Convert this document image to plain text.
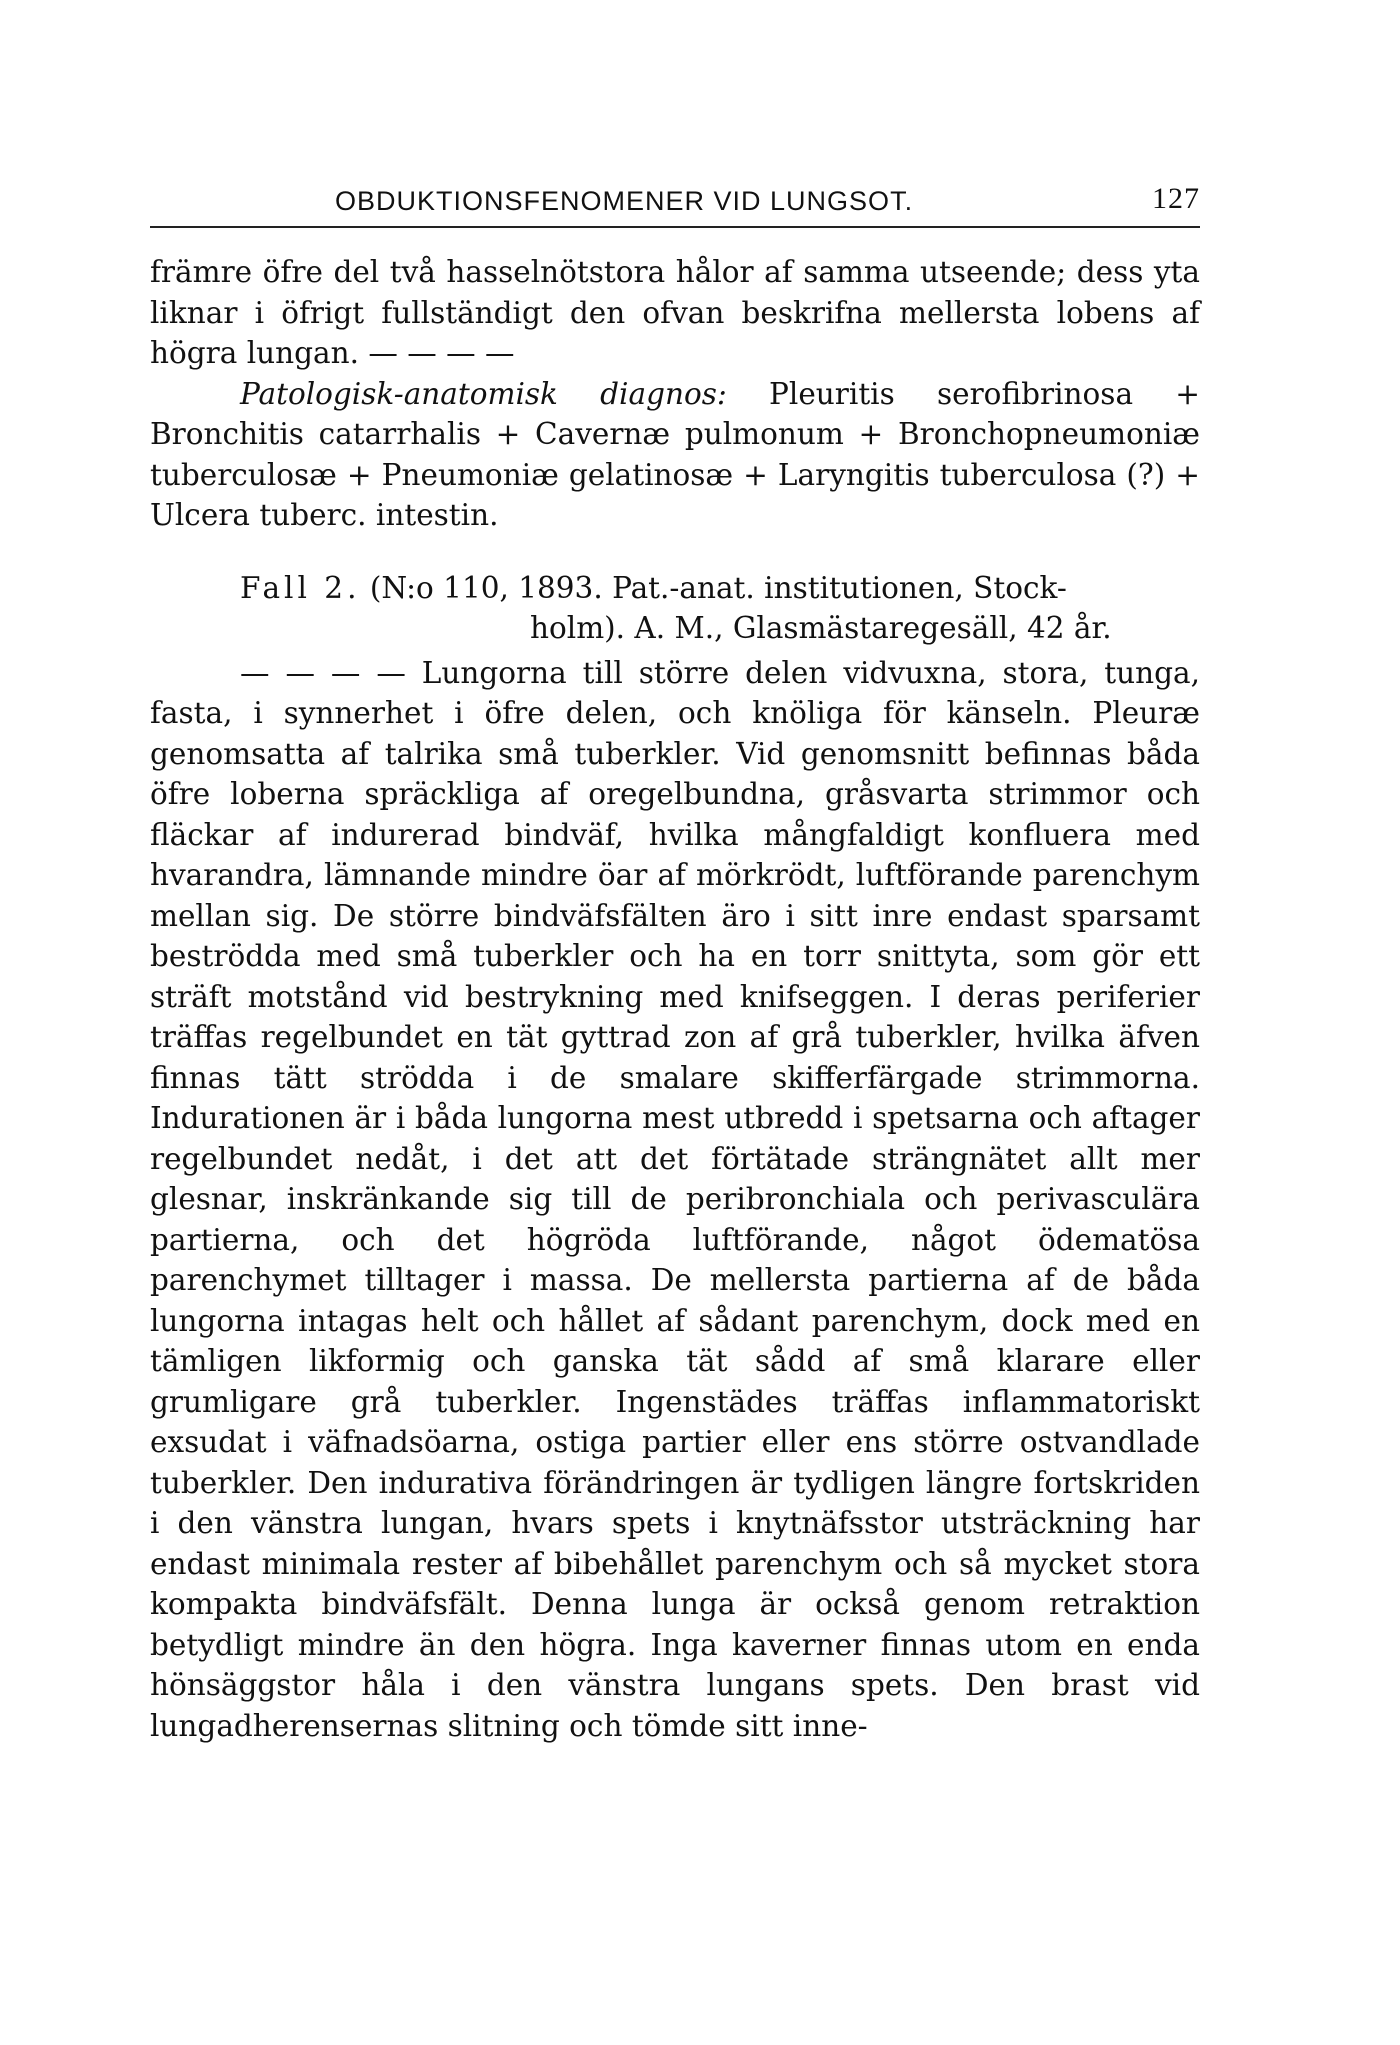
OBDUKTIONSFENOMENER VID LUNGSOT.	127

främre öfre del två hasselnötstora hålor af samma utseende; dess yta liknar i öfrigt fullständigt den ofvan beskrifna mellersta lobens af högra lungan. — — — —

Patologisk-anatomisk diagnos: Pleuritis serofibrinosa + Bronchitis catarrhalis + Cavernæ pulmonum + Bronchopneumoniæ tuberculosæ + Pneumoniæ gelatinosæ + Laryngitis tuberculosa (?) + Ulcera tuberc. intestin.

Fall 2. (N:o 110, 1893. Pat.-anat. institutionen, Stock-
holm). A. M., Glasmästaregesäll, 42 år.

— — — — Lungorna till större delen vidvuxna, stora, tunga, fasta, i synnerhet i öfre delen, och knöliga för känseln. Pleuræ genomsatta af talrika små tuberkler. Vid genomsnitt befinnas båda öfre loberna spräckliga af oregelbundna, gråsvarta strimmor och fläckar af indurerad bindväf, hvilka mångfaldigt konfluera med hvarandra, lämnande mindre öar af mörkrödt, luftförande parenchym mellan sig. De större bindväfsfälten äro i sitt inre endast sparsamt beströdda med små tuberkler och ha en torr snittyta, som gör ett sträft motstånd vid bestrykning med knifseggen. I deras periferier träffas regelbundet en tät gyttrad zon af grå tuberkler, hvilka äfven finnas tätt strödda i de smalare skifferfärgade strimmorna. Indurationen är i båda lungorna mest utbredd i spetsarna och aftager regelbundet nedåt, i det att det förtätade strängnätet allt mer glesnar, inskränkande sig till de peribronchiala och perivasculära partierna, och det högröda luftförande, något ödematösa parenchymet tilltager i massa. De mellersta partierna af de båda lungorna intagas helt och hållet af sådant parenchym, dock med en tämligen likformig och ganska tät sådd af små klarare eller grumligare grå tuberkler. Ingenstädes träffas inflammatoriskt exsudat i väfnadsöarna, ostiga partier eller ens större ostvandlade tuberkler. Den indurativa förändringen är tydligen längre fortskriden i den vänstra lungan, hvars spets i knytnäfsstor utsträckning har endast minimala rester af bibehållet parenchym och så mycket stora kompakta bindväfsfält. Denna lunga är också genom retraktion betydligt mindre än den högra. Inga kaverner finnas utom en enda hönsäggstor håla i den vänstra lungans spets. Den brast vid lungadherensernas slitning och tömde sitt inne-
